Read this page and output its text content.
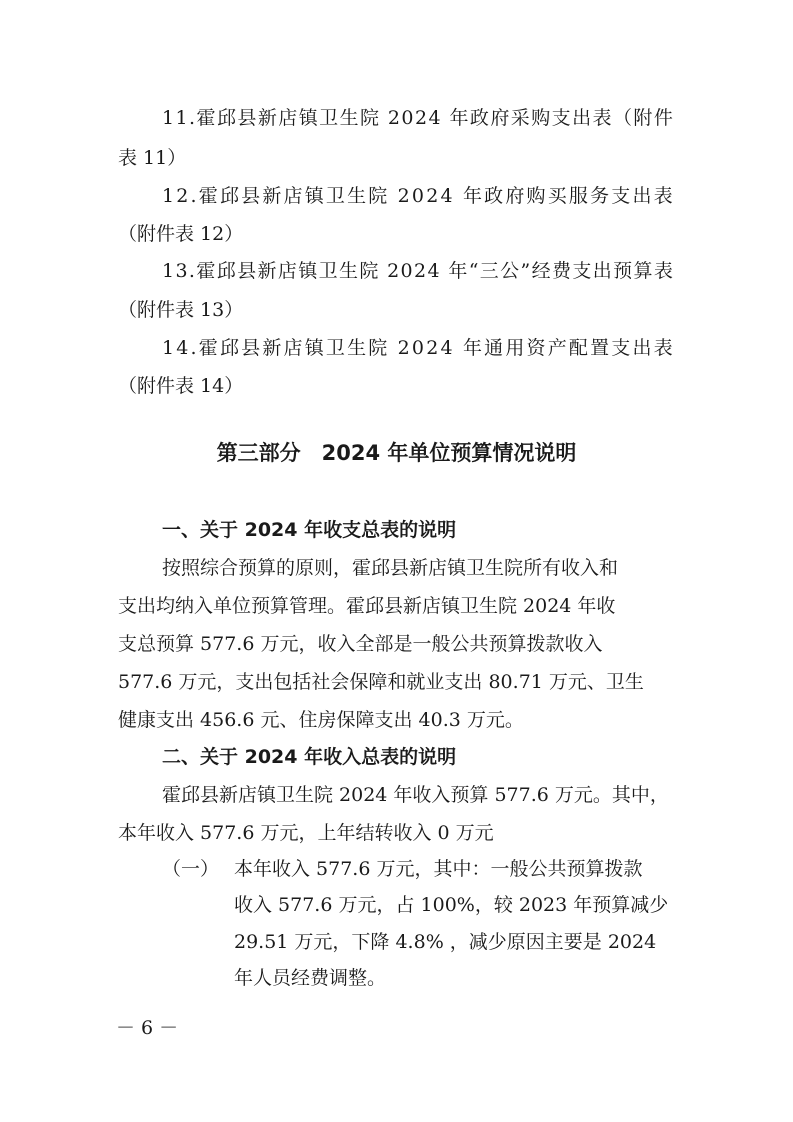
1 1 . 霍 邱 县 新 店 镇 卫 生 院
2 0 2 4
年 政 府 采 购 支 出 表 （ 附 件
表 11）
1 2 . 霍 邱 县 新 店 镇 卫 生 院
2 0 2 4
年 政 府 购 买 服 务 支 出 表
（附件表 12）
1 3 . 霍 邱 县 新 店 镇 卫 生 院
2 0 2 4
年 “ 三 公 ” 经 费 支 出 预 算 表
（附件表 13）
1 4 . 霍 邱 县 新 店 镇 卫 生 院
2 0 2 4
年 通 用 资 产 配 置 支 出 表
（附件表 14）
第三部分　2024 年单位预算情况说明
一、关于 2024 年收支总表的说明
按照综合预算的原则，霍邱县新店镇卫生院所有收入和
支出均纳入单位预算管理。霍邱县新店镇卫生院 2024 年收
支总预算 577.6 万元，收入全部是一般公共预算拨款收入
577.6 万元，支出包括社会保障和就业支出 80.71 万元、卫生
健康支出 456.6 元、住房保障支出 40.3 万元。
二、关于 2024 年收入总表的说明
霍邱县新店镇卫生院 2024 年收入预算 577.6 万元。其中，
本年收入 577.6 万元，上年结转收入 0 万元
（一） 本年收入 577.6 万元，其中：一般公共预算拨款
收入 577.6 万元，占 100%，较 2023 年预算减少
29.51 万元，下降 4.8% ，减少原因主要是 2024
年人员经费调整。
－ 6 －
